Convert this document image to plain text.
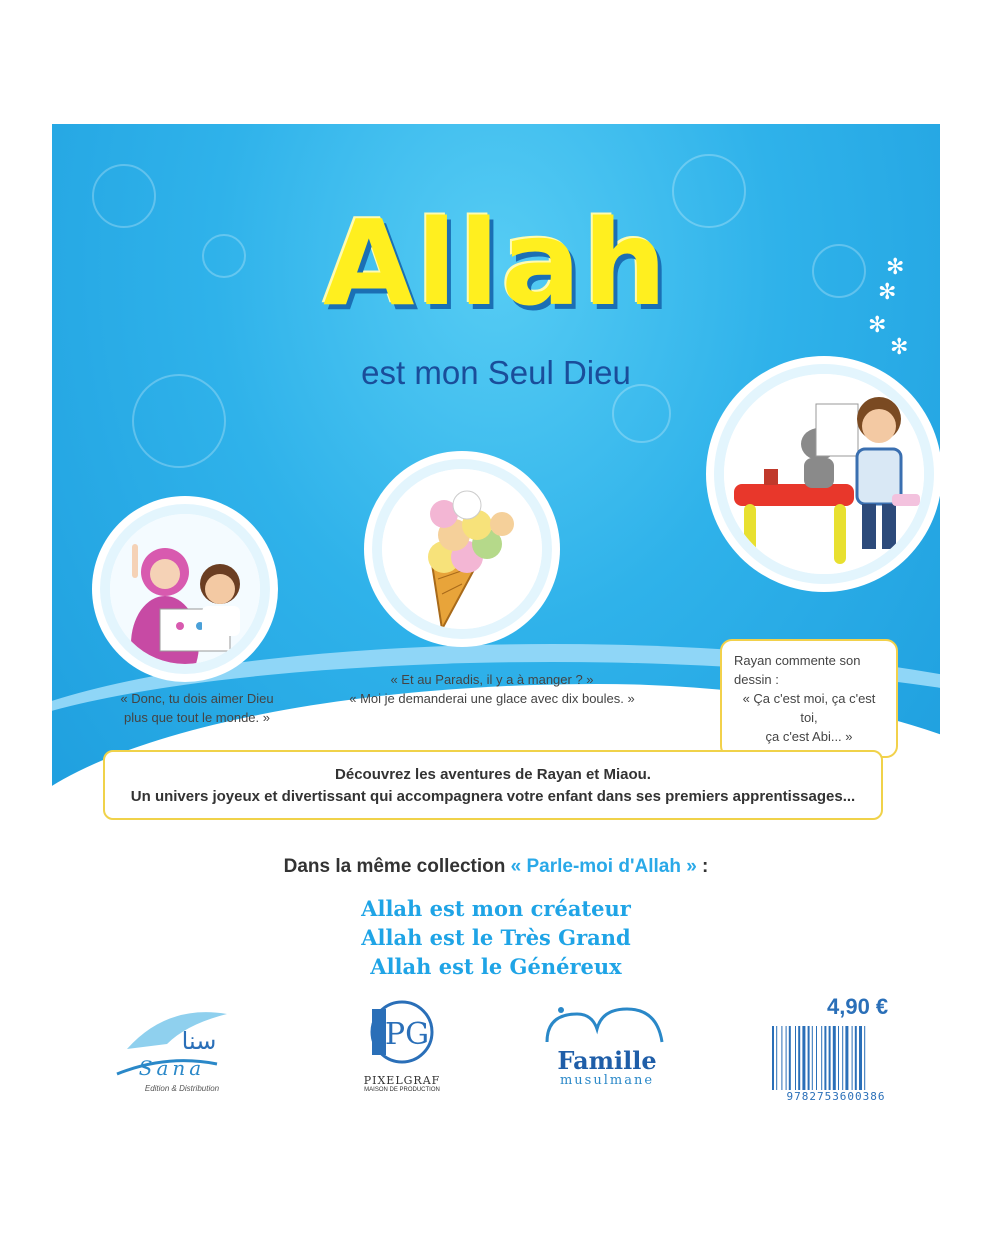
Allah
est mon Seul Dieu
✻
✻
✻
✻
« Donc, tu dois aimer Dieu
plus que tout le monde. »
« Et au Paradis, il y a à manger ? »
« Moi je demanderai une glace avec dix boules. »
Rayan commente son dessin :
« Ça c'est moi, ça c'est toi,
ça c'est Abi... »
Découvrez les aventures de Rayan et Miaou.
Un univers joyeux et divertissant qui accompagnera votre enfant dans ses premiers apprentissages...
Dans la même collection « Parle-moi d'Allah » :
Allah est mon créateur
Allah est le Très Grand
Allah est le Généreux
سنا
Sana
Edition & Distribution
PG
PIXELGRAF
MAISON DE PRODUCTION
Famille
musulmane
4,90 €
9782753600386
